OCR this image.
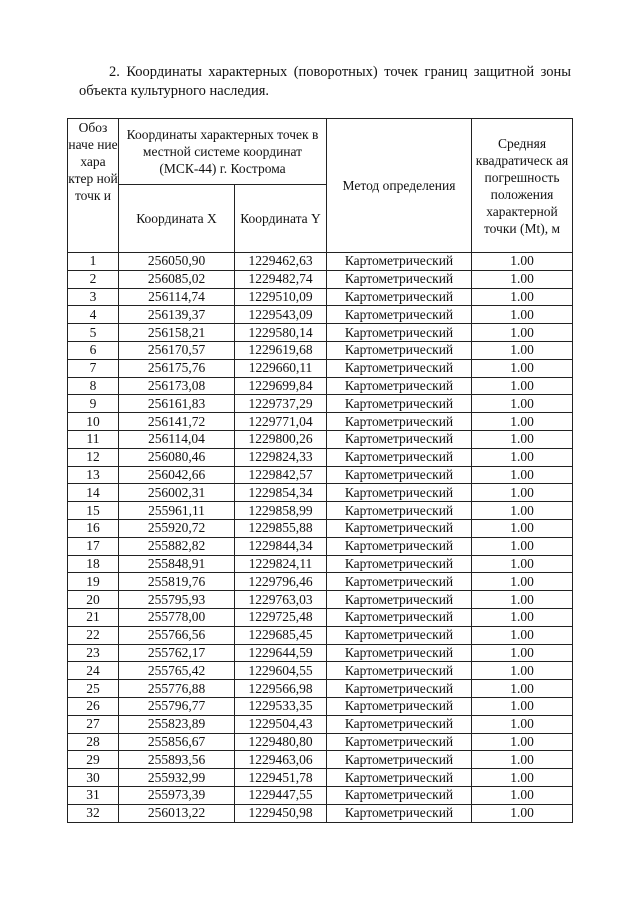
2. Координаты характерных (поворотных) точек границ защитной зоны объекта культурного наследия.

Обоз наче ние хара ктер ной точк и	Координаты характерных точек в местной системе координат (МСК-44) г. Кострома		Метод определения	Средняя квадратическ ая погрешность положения характерной точки (Mt), м
	Координата X	Координата Y		
1	256050,90	1229462,63	Картометрический	1.00
2	256085,02	1229482,74	Картометрический	1.00
3	256114,74	1229510,09	Картометрический	1.00
4	256139,37	1229543,09	Картометрический	1.00
5	256158,21	1229580,14	Картометрический	1.00
6	256170,57	1229619,68	Картометрический	1.00
7	256175,76	1229660,11	Картометрический	1.00
8	256173,08	1229699,84	Картометрический	1.00
9	256161,83	1229737,29	Картометрический	1.00
10	256141,72	1229771,04	Картометрический	1.00
11	256114,04	1229800,26	Картометрический	1.00
12	256080,46	1229824,33	Картометрический	1.00
13	256042,66	1229842,57	Картометрический	1.00
14	256002,31	1229854,34	Картометрический	1.00
15	255961,11	1229858,99	Картометрический	1.00
16	255920,72	1229855,88	Картометрический	1.00
17	255882,82	1229844,34	Картометрический	1.00
18	255848,91	1229824,11	Картометрический	1.00
19	255819,76	1229796,46	Картометрический	1.00
20	255795,93	1229763,03	Картометрический	1.00
21	255778,00	1229725,48	Картометрический	1.00
22	255766,56	1229685,45	Картометрический	1.00
23	255762,17	1229644,59	Картометрический	1.00
24	255765,42	1229604,55	Картометрический	1.00
25	255776,88	1229566,98	Картометрический	1.00
26	255796,77	1229533,35	Картометрический	1.00
27	255823,89	1229504,43	Картометрический	1.00
28	255856,67	1229480,80	Картометрический	1.00
29	255893,56	1229463,06	Картометрический	1.00
30	255932,99	1229451,78	Картометрический	1.00
31	255973,39	1229447,55	Картометрический	1.00
32	256013,22	1229450,98	Картометрический	1.00
